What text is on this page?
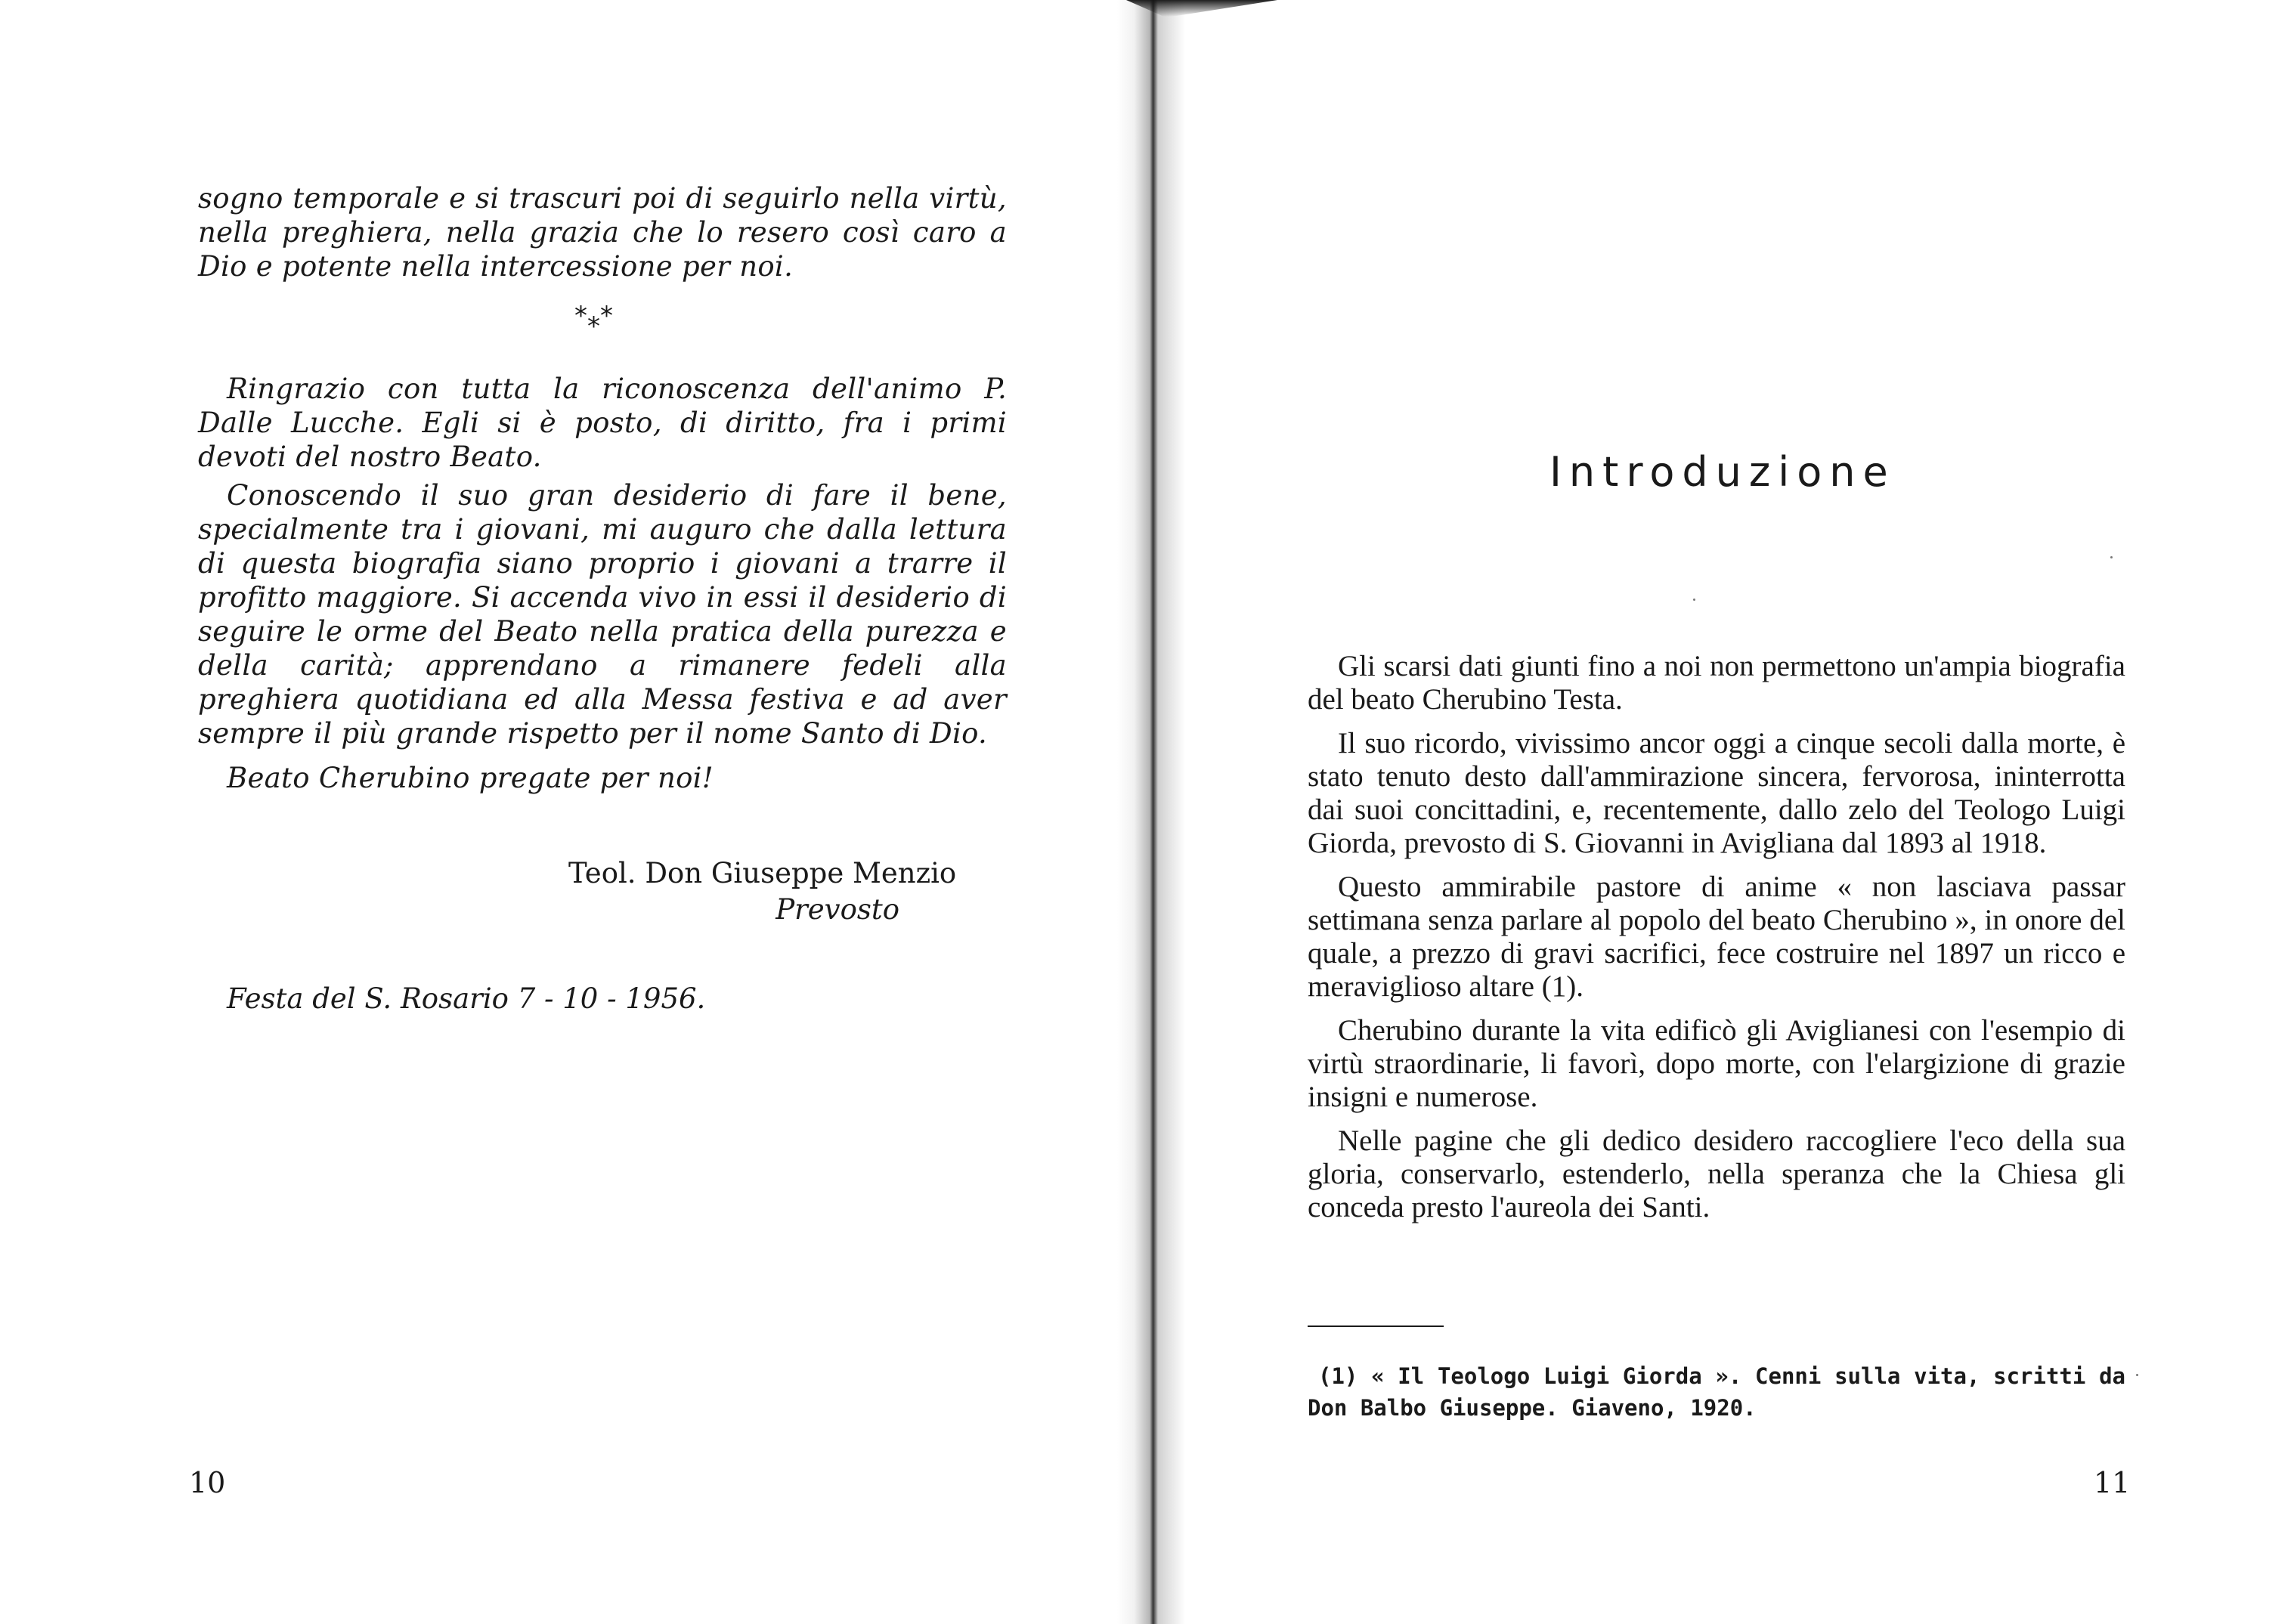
sogno temporale e si trascuri poi di seguirlo nella virtù, nella preghiera, nella grazia che lo resero così caro a Dio e potente nella intercessione per noi.

* *
*

Ringrazio con tutta la riconoscenza dell'animo P. Dalle Lucche. Egli si è posto, di diritto, fra i primi devoti del nostro Beato.

Conoscendo il suo gran desiderio di fare il bene, specialmente tra i giovani, mi auguro che dalla lettura di questa biografia siano proprio i giovani a trarre il profitto maggiore. Si accenda vivo in essi il desiderio di seguire le orme del Beato nella pratica della purezza e della carità; apprendano a rimanere fedeli alla preghiera quotidiana ed alla Messa festiva e ad aver sempre il più grande rispetto per il nome Santo di Dio.

Beato Cherubino pregate per noi!

Teol. Don Giuseppe Menzio
Prevosto
Festa del S. Rosario 7 - 10 - 1956.
10
Introduzione

Gli scarsi dati giunti fino a noi non permettono un'ampia biografia del beato Cherubino Testa.

Il suo ricordo, vivissimo ancor oggi a cinque secoli dalla morte, è stato tenuto desto dall'ammirazione sincera, fervorosa, ininterrotta dai suoi concittadini, e, recentemente, dallo zelo del Teologo Luigi Giorda, prevosto di S. Giovanni in Avigliana dal 1893 al 1918.

Questo ammirabile pastore di anime « non lasciava passar settimana senza parlare al popolo del beato Cherubino », in onore del quale, a prezzo di gravi sacrifici, fece costruire nel 1897 un ricco e meraviglioso altare (1).

Cherubino durante la vita edificò gli Aviglianesi con l'esempio di virtù straordinarie, li favorì, dopo morte, con l'elargizione di grazie insigni e numerose.

Nelle pagine che gli dedico desidero raccogliere l'eco della sua gloria, conservarlo, estenderlo, nella speranza che la Chiesa gli conceda presto l'aureola dei Santi.

(1) « Il Teologo Luigi Giorda ». Cenni sulla vita, scritti da Don Balbo Giuseppe. Giaveno, 1920.

11
